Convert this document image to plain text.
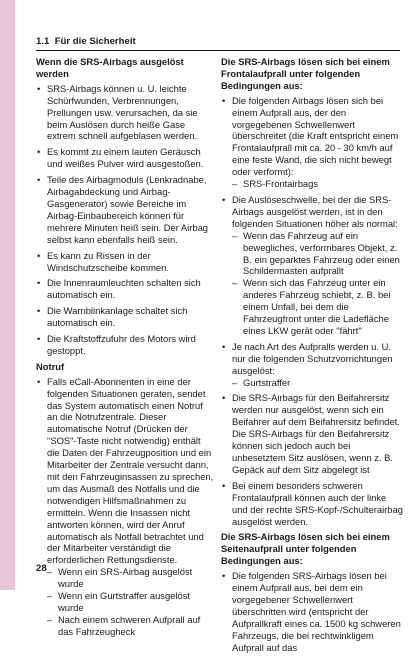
1.1 Für die Sicherheit
Wenn die SRS-Airbags ausgelöst werden
• SRS-Airbags können u. U. leichte Schürfwunden, Verbrennungen, Prellungen usw. verursachen, da sie beim Auslösen durch heiße Gase extrem schnell aufgeblasen werden.
• Es kommt zu einem lauten Geräusch und weißes Pulver wird ausgestoßen.
• Teile des Airbagmoduls (Lenkradnabe, Airbagabdeckung und Airbag-Gasgenerator) sowie Bereiche im Airbag-Einbaubereich können für mehrere Minuten heiß sein. Der Airbag selbst kann ebenfalls heiß sein.
• Es kann zu Rissen in der Windschutzscheibe kommen.
• Die Innenraumleuchten schalten sich automatisch ein.
• Die Warnblinkanlage schaltet sich automatisch ein.
• Die Kraftstoffzufuhr des Motors wird gestoppt.
Notruf
• Falls eCall-Abonnenten in eine der folgenden Situationen geraten, sendet das System automatisch einen Notruf an die Notrufzentrale. Dieser automatische Notruf (Drücken der "SOS"-Taste nicht notwendig) enthält die Daten der Fahrzeugposition und ein Mitarbeiter der Zentrale versucht dann, mit den Fahrzeuginsassen zu sprechen, um das Ausmaß des Notfalls und die notwendigen Hilfsmaßnahmen zu ermitteln. Wenn die Insassen nicht antworten können, wird der Anruf automatisch als Notfall betrachtet und der Mitarbeiter verständigt die erforderlichen Rettungsdienste.
– Wenn ein SRS-Airbag ausgelöst wurde
– Wenn ein Gurtstraffer ausgelöst wurde
– Nach einem schweren Aufprall auf das Fahrzeugheck
Die SRS-Airbags lösen sich bei einem Frontalaufprall unter folgenden Bedingungen aus:
• Die folgenden Airbags lösen sich bei einem Aufprall aus, der den vorgegebenen Schwellenwert überschreitet (die Kraft entspricht einem Frontalaufprall mit ca. 20 - 30 km/h auf eine feste Wand, die sich nicht bewegt oder verformt):
– SRS-Frontairbags
• Die Auslöseschwelle, bei der die SRS-Airbags ausgelöst werden, ist in den folgenden Situationen höher als normal:
– Wenn das Fahrzeug auf ein bewegliches, verformbares Objekt, z. B. ein geparktes Fahrzeug oder einen Schildermasten aufprallt
– Wenn sich das Fahrzeug unter ein anderes Fahrzeug schiebt, z. B. bei einem Unfall, bei dem die Fahrzeugfront unter die Ladefläche eines LKW gerät oder "fährt"
• Je nach Art des Aufpralls werden u. U. nur die folgenden Schutzvorrichtungen ausgelöst:
– Gurtstraffer
• Die SRS-Airbags für den Beifahrersitz werden nur ausgelöst, wenn sich ein Beifahrer auf dem Beifahrersitz befindet. Die SRS-Airbags für den Beifahrersitz können sich jedoch auch bei unbesetztem Sitz auslösen, wenn z. B. Gepäck auf dem Sitz abgelegt ist
• Bei einem besonders schweren Frontalaufprall können auch der linke und der rechte SRS-Kopf-/Schulterairbag ausgelöst werden.
Die SRS-Airbags lösen sich bei einem Seitenaufprall unter folgenden Bedingungen aus:
• Die folgenden SRS-Airbags lösen bei einem Aufprall aus, bei dem ein vorgegebener Schwellenwert überschritten wird (entspricht der Aufprallkraft eines ca. 1500 kg schweren Fahrzeugs, die bei rechtwinkligem Aufprall auf das
28
